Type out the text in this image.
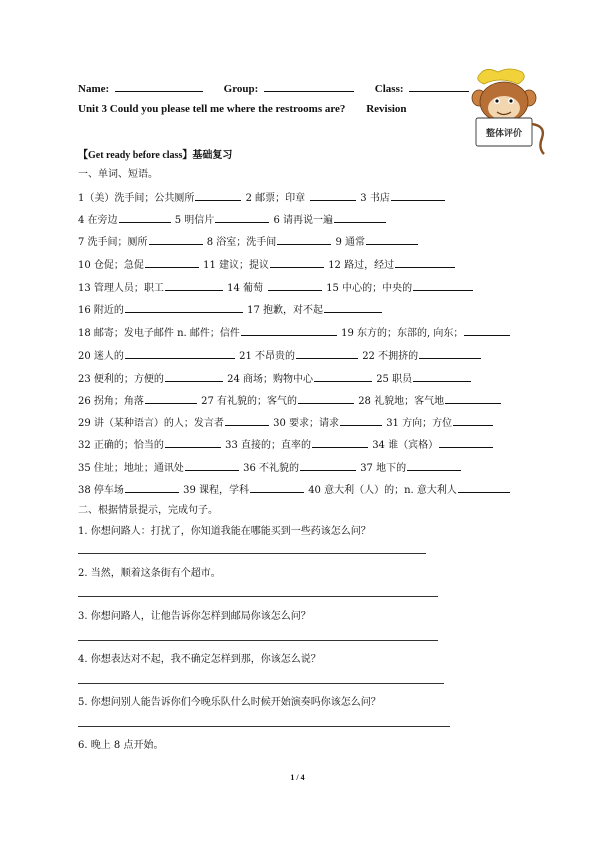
Name:	Group:	Class:
Unit 3 Could you please tell me where the restrooms are? Revision
整体评价
【Get ready before class】基础复习
一、单词、短语。
1（美）洗手间；公共厕所	2 邮票；印章	3 书店
4 在旁边	5 明信片	6 请再说一遍
7 洗手间；厕所	8 浴室；洗手间	9 通常
10 仓促；急促	11 建议；提议	12 路过，经过
13 管理人员；职工	14 葡萄	15 中心的；中央的
16 附近的	17 抱歉，对不起
18 邮寄；发电子邮件 n. 邮件；信件	19 东方的；东部的, 向东；
20 迷人的	21 不昂贵的	22 不拥挤的
23 便利的；方便的	24 商场；购物中心	25 职员
26 拐角；角落	27 有礼貌的；客气的	28 礼貌地；客气地
29 讲（某种语言）的人；发言者	30 要求；请求	31 方向；方位
32 正确的；恰当的	33 直接的；直率的	34 谁（宾格）
35 住址；地址；通讯处	36 不礼貌的	37 地下的
38 停车场	39 课程，学科	40 意大利（人）的；n. 意大利人
二、根据情景提示，完成句子。
1. 你想问路人：打扰了，你知道我能在哪能买到一些药该怎么问？
2. 当然，顺着这条街有个超市。
3. 你想问路人，让他告诉你怎样到邮局你该怎么问？
4. 你想表达对不起，我不确定怎样到那，你该怎么说？
5. 你想问别人能告诉你们今晚乐队什么时候开始演奏吗你该怎么问？
6. 晚上 8 点开始。
1 / 4
